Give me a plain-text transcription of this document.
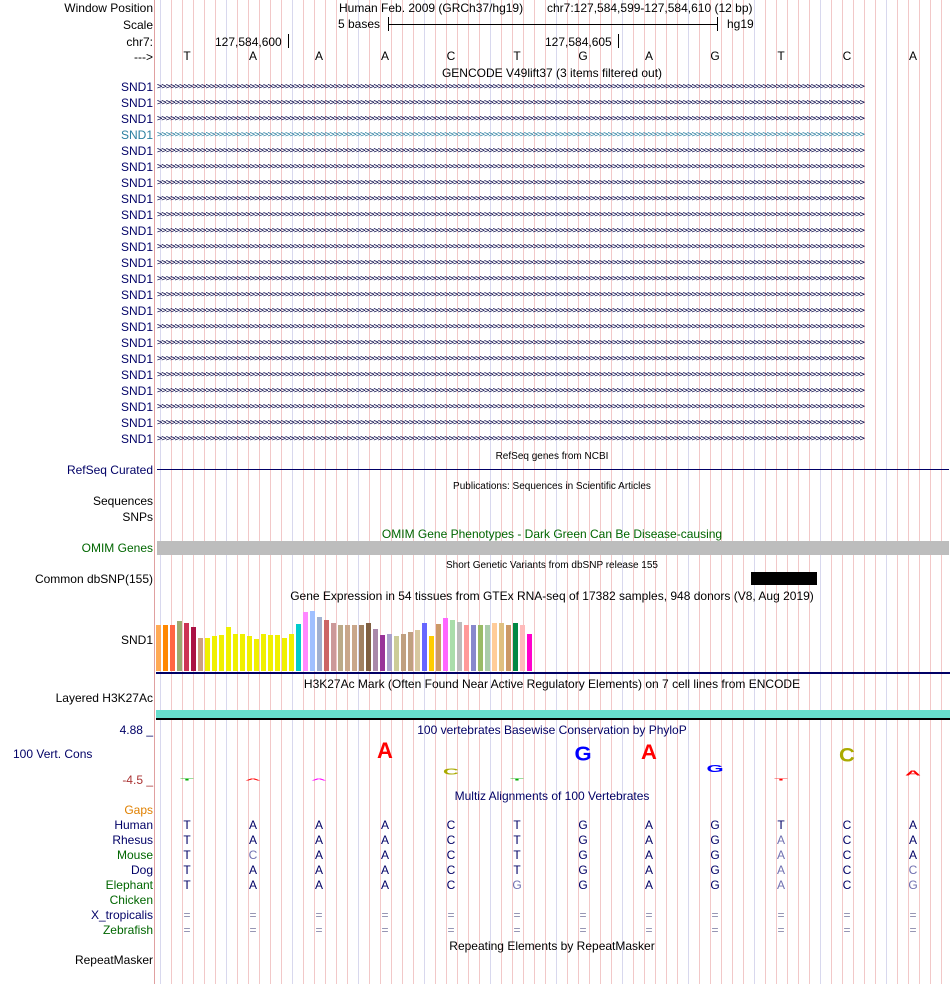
Window Position	Human Feb. 2009 (GRCh37/hg19) chr7:127,584,599-127,584,610 (12 bp)
Scale	5 bases	hg19
chr7:	127,584,600	127,584,605
--->	T	A	A	A	C	T	G	A	G	T	C	A
GENCODE V49lift37 (3 items filtered out)
SND1 >>>>>>>>>>>>>>>>>>>>>>>>>>>>>>>>>>>>>>>>>>>>>>>>>>>>>>>>>>>>>>>>>>>>>>>>>>>>>>>>>>>>>>>>>>>>>>>>>>>>>>>>>>>>>>>>>>>>>>>>>>>>>>>>>>>>>>>>>>>>>>>>>>>>>>>>>>>>>>>>
SND1 >>>>>>>>>>>>>>>>>>>>>>>>>>>>>>>>>>>>>>>>>>>>>>>>>>>>>>>>>>>>>>>>>>>>>>>>>>>>>>>>>>>>>>>>>>>>>>>>>>>>>>>>>>>>>>>>>>>>>>>>>>>>>>>>>>>>>>>>>>>>>>>>>>>>>>>>>>>>>>>>
SND1 >>>>>>>>>>>>>>>>>>>>>>>>>>>>>>>>>>>>>>>>>>>>>>>>>>>>>>>>>>>>>>>>>>>>>>>>>>>>>>>>>>>>>>>>>>>>>>>>>>>>>>>>>>>>>>>>>>>>>>>>>>>>>>>>>>>>>>>>>>>>>>>>>>>>>>>>>>>>>>>>
SND1 >>>>>>>>>>>>>>>>>>>>>>>>>>>>>>>>>>>>>>>>>>>>>>>>>>>>>>>>>>>>>>>>>>>>>>>>>>>>>>>>>>>>>>>>>>>>>>>>>>>>>>>>>>>>>>>>>>>>>>>>>>>>>>>>>>>>>>>>>>>>>>>>>>>>>>>>>>>>>>>>
SND1 >>>>>>>>>>>>>>>>>>>>>>>>>>>>>>>>>>>>>>>>>>>>>>>>>>>>>>>>>>>>>>>>>>>>>>>>>>>>>>>>>>>>>>>>>>>>>>>>>>>>>>>>>>>>>>>>>>>>>>>>>>>>>>>>>>>>>>>>>>>>>>>>>>>>>>>>>>>>>>>>
SND1 >>>>>>>>>>>>>>>>>>>>>>>>>>>>>>>>>>>>>>>>>>>>>>>>>>>>>>>>>>>>>>>>>>>>>>>>>>>>>>>>>>>>>>>>>>>>>>>>>>>>>>>>>>>>>>>>>>>>>>>>>>>>>>>>>>>>>>>>>>>>>>>>>>>>>>>>>>>>>>>>
SND1 >>>>>>>>>>>>>>>>>>>>>>>>>>>>>>>>>>>>>>>>>>>>>>>>>>>>>>>>>>>>>>>>>>>>>>>>>>>>>>>>>>>>>>>>>>>>>>>>>>>>>>>>>>>>>>>>>>>>>>>>>>>>>>>>>>>>>>>>>>>>>>>>>>>>>>>>>>>>>>>>
SND1 >>>>>>>>>>>>>>>>>>>>>>>>>>>>>>>>>>>>>>>>>>>>>>>>>>>>>>>>>>>>>>>>>>>>>>>>>>>>>>>>>>>>>>>>>>>>>>>>>>>>>>>>>>>>>>>>>>>>>>>>>>>>>>>>>>>>>>>>>>>>>>>>>>>>>>>>>>>>>>>>
SND1 >>>>>>>>>>>>>>>>>>>>>>>>>>>>>>>>>>>>>>>>>>>>>>>>>>>>>>>>>>>>>>>>>>>>>>>>>>>>>>>>>>>>>>>>>>>>>>>>>>>>>>>>>>>>>>>>>>>>>>>>>>>>>>>>>>>>>>>>>>>>>>>>>>>>>>>>>>>>>>>>
SND1 >>>>>>>>>>>>>>>>>>>>>>>>>>>>>>>>>>>>>>>>>>>>>>>>>>>>>>>>>>>>>>>>>>>>>>>>>>>>>>>>>>>>>>>>>>>>>>>>>>>>>>>>>>>>>>>>>>>>>>>>>>>>>>>>>>>>>>>>>>>>>>>>>>>>>>>>>>>>>>>>
SND1 >>>>>>>>>>>>>>>>>>>>>>>>>>>>>>>>>>>>>>>>>>>>>>>>>>>>>>>>>>>>>>>>>>>>>>>>>>>>>>>>>>>>>>>>>>>>>>>>>>>>>>>>>>>>>>>>>>>>>>>>>>>>>>>>>>>>>>>>>>>>>>>>>>>>>>>>>>>>>>>>
SND1 >>>>>>>>>>>>>>>>>>>>>>>>>>>>>>>>>>>>>>>>>>>>>>>>>>>>>>>>>>>>>>>>>>>>>>>>>>>>>>>>>>>>>>>>>>>>>>>>>>>>>>>>>>>>>>>>>>>>>>>>>>>>>>>>>>>>>>>>>>>>>>>>>>>>>>>>>>>>>>>>
SND1 >>>>>>>>>>>>>>>>>>>>>>>>>>>>>>>>>>>>>>>>>>>>>>>>>>>>>>>>>>>>>>>>>>>>>>>>>>>>>>>>>>>>>>>>>>>>>>>>>>>>>>>>>>>>>>>>>>>>>>>>>>>>>>>>>>>>>>>>>>>>>>>>>>>>>>>>>>>>>>>>
SND1 >>>>>>>>>>>>>>>>>>>>>>>>>>>>>>>>>>>>>>>>>>>>>>>>>>>>>>>>>>>>>>>>>>>>>>>>>>>>>>>>>>>>>>>>>>>>>>>>>>>>>>>>>>>>>>>>>>>>>>>>>>>>>>>>>>>>>>>>>>>>>>>>>>>>>>>>>>>>>>>>
SND1 >>>>>>>>>>>>>>>>>>>>>>>>>>>>>>>>>>>>>>>>>>>>>>>>>>>>>>>>>>>>>>>>>>>>>>>>>>>>>>>>>>>>>>>>>>>>>>>>>>>>>>>>>>>>>>>>>>>>>>>>>>>>>>>>>>>>>>>>>>>>>>>>>>>>>>>>>>>>>>>>
SND1 >>>>>>>>>>>>>>>>>>>>>>>>>>>>>>>>>>>>>>>>>>>>>>>>>>>>>>>>>>>>>>>>>>>>>>>>>>>>>>>>>>>>>>>>>>>>>>>>>>>>>>>>>>>>>>>>>>>>>>>>>>>>>>>>>>>>>>>>>>>>>>>>>>>>>>>>>>>>>>>>
SND1 >>>>>>>>>>>>>>>>>>>>>>>>>>>>>>>>>>>>>>>>>>>>>>>>>>>>>>>>>>>>>>>>>>>>>>>>>>>>>>>>>>>>>>>>>>>>>>>>>>>>>>>>>>>>>>>>>>>>>>>>>>>>>>>>>>>>>>>>>>>>>>>>>>>>>>>>>>>>>>>>
SND1 >>>>>>>>>>>>>>>>>>>>>>>>>>>>>>>>>>>>>>>>>>>>>>>>>>>>>>>>>>>>>>>>>>>>>>>>>>>>>>>>>>>>>>>>>>>>>>>>>>>>>>>>>>>>>>>>>>>>>>>>>>>>>>>>>>>>>>>>>>>>>>>>>>>>>>>>>>>>>>>>
SND1 >>>>>>>>>>>>>>>>>>>>>>>>>>>>>>>>>>>>>>>>>>>>>>>>>>>>>>>>>>>>>>>>>>>>>>>>>>>>>>>>>>>>>>>>>>>>>>>>>>>>>>>>>>>>>>>>>>>>>>>>>>>>>>>>>>>>>>>>>>>>>>>>>>>>>>>>>>>>>>>>
SND1 >>>>>>>>>>>>>>>>>>>>>>>>>>>>>>>>>>>>>>>>>>>>>>>>>>>>>>>>>>>>>>>>>>>>>>>>>>>>>>>>>>>>>>>>>>>>>>>>>>>>>>>>>>>>>>>>>>>>>>>>>>>>>>>>>>>>>>>>>>>>>>>>>>>>>>>>>>>>>>>>
SND1 >>>>>>>>>>>>>>>>>>>>>>>>>>>>>>>>>>>>>>>>>>>>>>>>>>>>>>>>>>>>>>>>>>>>>>>>>>>>>>>>>>>>>>>>>>>>>>>>>>>>>>>>>>>>>>>>>>>>>>>>>>>>>>>>>>>>>>>>>>>>>>>>>>>>>>>>>>>>>>>>
SND1 >>>>>>>>>>>>>>>>>>>>>>>>>>>>>>>>>>>>>>>>>>>>>>>>>>>>>>>>>>>>>>>>>>>>>>>>>>>>>>>>>>>>>>>>>>>>>>>>>>>>>>>>>>>>>>>>>>>>>>>>>>>>>>>>>>>>>>>>>>>>>>>>>>>>>>>>>>>>>>>>
SND1 >>>>>>>>>>>>>>>>>>>>>>>>>>>>>>>>>>>>>>>>>>>>>>>>>>>>>>>>>>>>>>>>>>>>>>>>>>>>>>>>>>>>>>>>>>>>>>>>>>>>>>>>>>>>>>>>>>>>>>>>>>>>>>>>>>>>>>>>>>>>>>>>>>>>>>>>>>>>>>>>
RefSeq genes from NCBI
RefSeq Curated
Publications: Sequences in Scientific Articles
Sequences
SNPs
OMIM Gene Phenotypes - Dark Green Can Be Disease-causing
OMIM Genes
Short Genetic Variants from dbSNP release 155
Common dbSNP(155)
Gene Expression in 54 tissues from GTEx RNA-seq of 17382 samples, 948 donors (V8, Aug 2019)
SND1
H3K27Ac Mark (Often Found Near Active Regulatory Elements) on 7 cell lines from ENCODE
Layered H3K27Ac
100 vertebrates Basewise Conservation by PhyloP
4.88 _
100 Vert. Cons
-4.5 _ T A A
A
C
T
G A
G
T
C
A
Gaps
Multiz Alignments of 100 Vertebrates
Human	T	A	A	A	C	T	G	A	G	T	C	A
Rhesus	T	A	A	A	C	T	G	A	G	A	C	A
Mouse	T	C	A	A	C	T	G	A	G	A	C	A
Dog	T	A	A	A	C	T	G	A	G	A	C	C
Elephant	T	A	A	A	C	G	G	A	G	A	C	G
Chicken
X_tropicalis	=	=	=	=	=	=	=	=	=	=	=	=
Zebrafish	=	=	=	=	=	=	=	=	=	=	=	=
Repeating Elements by RepeatMasker
RepeatMasker
